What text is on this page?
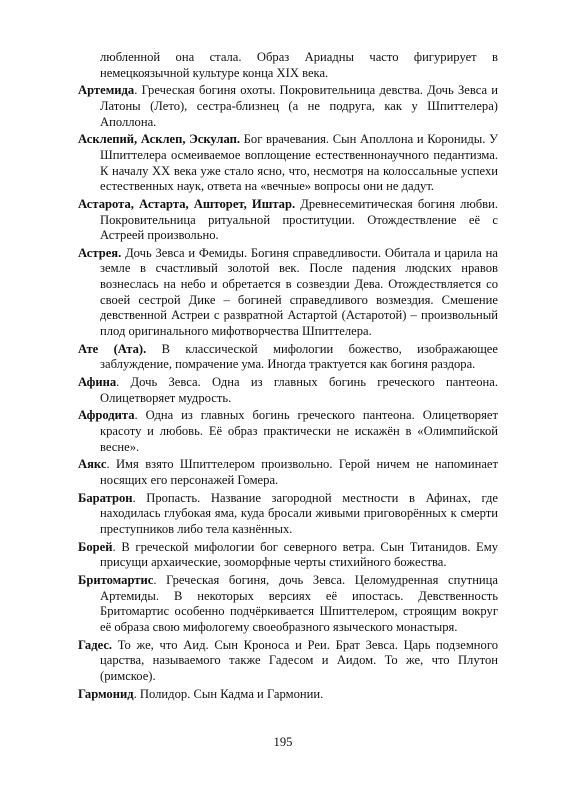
любленной она стала. Образ Ариадны часто фигурирует в немецкоязычной культуре конца XIX века.

Артемида. Греческая богиня охоты. Покровительница девства. Дочь Зевса и Латоны (Лето), сестра-близнец (а не подруга, как у Шпиттелера) Аполлона.

Асклепий, Асклеп, Эскулап. Бог врачевания. Сын Аполлона и Корониды. У Шпиттелера осмеиваемое воплощение естественнонаучного педантизма. К началу XX века уже стало ясно, что, несмотря на колоссальные успехи естественных наук, ответа на «вечные» вопросы они не дадут.

Астарота, Астарта, Ашторет, Иштар. Древнесемитическая богиня любви. Покровительница ритуальной проституции. Отождествление её с Астреей произвольно.

Астрея. Дочь Зевса и Фемиды. Богиня справедливости. Обитала и царила на земле в счастливый золотой век. После падения людских нравов вознеслась на небо и обретается в созвездии Дева. Отождествляется со своей сестрой Дике – богиней справедливого возмездия. Смешение девственной Астреи с развратной Астартой (Астаротой) – произвольный плод оригинального мифотворчества Шпиттелера.

Ате (Ата). В классической мифологии божество, изображающее заблуждение, помрачение ума. Иногда трактуется как богиня раздора.

Афина. Дочь Зевса. Одна из главных богинь греческого пантеона. Олицетворяет мудрость.

Афродита. Одна из главных богинь греческого пантеона. Олицетворяет красоту и любовь. Её образ практически не искажён в «Олимпийской весне».

Аякс. Имя взято Шпиттелером произвольно. Герой ничем не напоминает носящих его персонажей Гомера.

Баратрон. Пропасть. Название загородной местности в Афинах, где находилась глубокая яма, куда бросали живыми приговорённых к смерти преступников либо тела казнённых.

Борей. В греческой мифологии бог северного ветра. Сын Титанидов. Ему присущи архаические, зооморфные черты стихийного божества.

Бритомартис. Греческая богиня, дочь Зевса. Целомудренная спутница Артемиды. В некоторых версиях её ипостась. Девственность Бритомартис особенно подчёркивается Шпиттелером, строящим вокруг её образа свою мифологему своеобразного языческого монастыря.

Гадес. То же, что Аид. Сын Кроноса и Реи. Брат Зевса. Царь подземного царства, называемого также Гадесом и Аидом. То же, что Плутон (римское).

Гармонид. Полидор. Сын Кадма и Гармонии.

195
